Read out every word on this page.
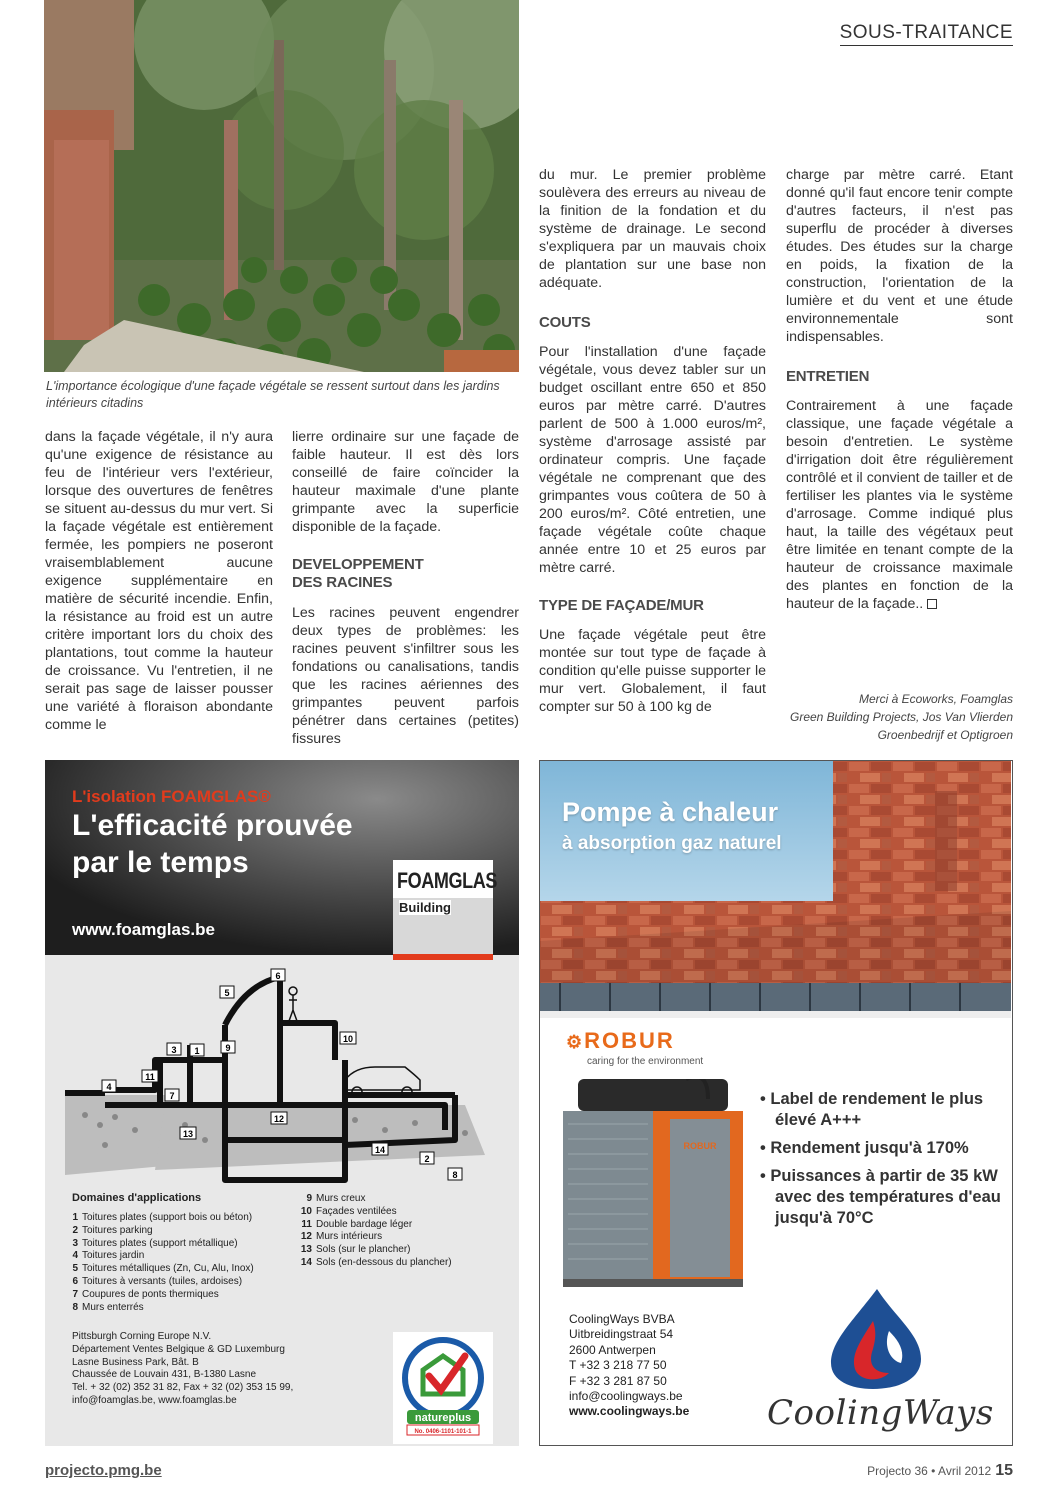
SOUS-TRAITANCE
L'importance écologique d'une façade végétale se ressent surtout dans les jardins intérieurs citadins

dans la façade végétale, il n'y aura qu'une exigence de résistance au feu de l'intérieur vers l'extérieur, lorsque des ouvertures de fenêtres se situent au-dessus du mur vert. Si la façade végétale est entièrement fermée, les pompiers ne poseront vraisemblablement aucune exigence supplémentaire en matière de sécurité incendie. Enfin, la résistance au froid est un autre critère important lors du choix des plantations, tout comme la hauteur de croissance. Vu l'entretien, il ne serait pas sage de laisser pousser une variété à floraison abondante comme le

lierre ordinaire sur une façade de faible hauteur. Il est dès lors conseillé de faire coïncider la hauteur maximale d'une plante grimpante avec la superficie disponible de la façade.

DEVELOPPEMENT
DES RACINES

Les racines peuvent engendrer deux types de problèmes: les racines peuvent s'infiltrer sous les fondations ou canalisations, tandis que les racines aériennes des grimpantes peuvent parfois pénétrer dans certaines (petites) fissures

du mur. Le premier problème soulèvera des erreurs au niveau de la finition de la fondation et du système de drainage. Le second s'expliquera par un mauvais choix de plantation sur une base non adéquate.

COUTS

Pour l'installation d'une façade végétale, vous devez tabler sur un budget oscillant entre 650 et 850 euros par mètre carré. D'autres parlent de 500 à 1.000 euros/m², système d'arrosage assisté par ordinateur compris. Une façade végétale ne comprenant que des grimpantes vous coûtera de 50 à 200 euros/m². Côté entretien, une façade végétale coûte chaque année entre 10 et 25 euros par mètre carré.

TYPE DE FAÇADE/MUR

Une façade végétale peut être montée sur tout type de façade à condition qu'elle puisse supporter le mur vert. Globalement, il faut compter sur 50 à 100 kg de

charge par mètre carré. Etant donné qu'il faut encore tenir compte d'autres facteurs, il n'est pas superflu de procéder à diverses études. Des études sur la charge en poids, la fixation de la construction, l'orientation de la lumière et du vent et une étude environnementale sont indispensables.

ENTRETIEN

Contrairement à une façade classique, une façade végétale a besoin d'entretien. Le système d'irrigation doit être régulièrement contrôlé et il convient de tailler et de fertiliser les plantes via le système d'arrosage. Comme indiqué plus haut, la taille des végétaux peut être limitée en tenant compte de la hauteur de croissance maximale des plantes en fonction de la hauteur de la façade..

Merci à Ecoworks, Foamglas
Green Building Projects, Jos Van Vlierden
Groenbedrijf et Optigroen
L'isolation FOAMGLAS®
L'efficacité prouvée par le temps
www.foamglas.be
FOAMGLAS
Building
1
2
3
4
5
6
7
8
9
10
11
12
13
14
Domaines d'applications
1 Toitures plates (support bois ou béton)
2 Toitures parking
3 Toitures plates (support métallique)
4 Toitures jardin
5 Toitures métalliques (Zn, Cu, Alu, Inox)
6 Toitures à versants (tuiles, ardoises)
7 Coupures de ponts thermiques
8 Murs enterrés
9 Murs creux
10 Façades ventilées
11 Double bardage léger
12 Murs intérieurs
13 Sols (sur le plancher)
14 Sols (en-dessous du plancher)
Pittsburgh Corning Europe N.V.
Département Ventes Belgique & GD Luxemburg
Lasne Business Park, Bât. B
Chaussée de Louvain 431, B-1380 Lasne
Tel. + 32 (02) 352 31 82, Fax + 32 (02) 353 15 99,
info@foamglas.be, www.foamglas.be
natureplus
No. 0406-1101-101-1
Pompe à chaleur
à absorption gaz naturel
⚙ROBUR
caring for the environment
ROBUR
• Label de rendement le plus élevé A+++
• Rendement jusqu'à 170%
• Puissances à partir de 35 kW avec des températures d'eau jusqu'à 70°C
CoolingWays BVBA
Uitbreidingstraat 54
2600 Antwerpen
T +32 3 218 77 50
F +32 3 281 87 50
info@coolingways.be
www.coolingways.be CoolingWays
projecto.pmg.be	Projecto 36 • Avril 2012 15
